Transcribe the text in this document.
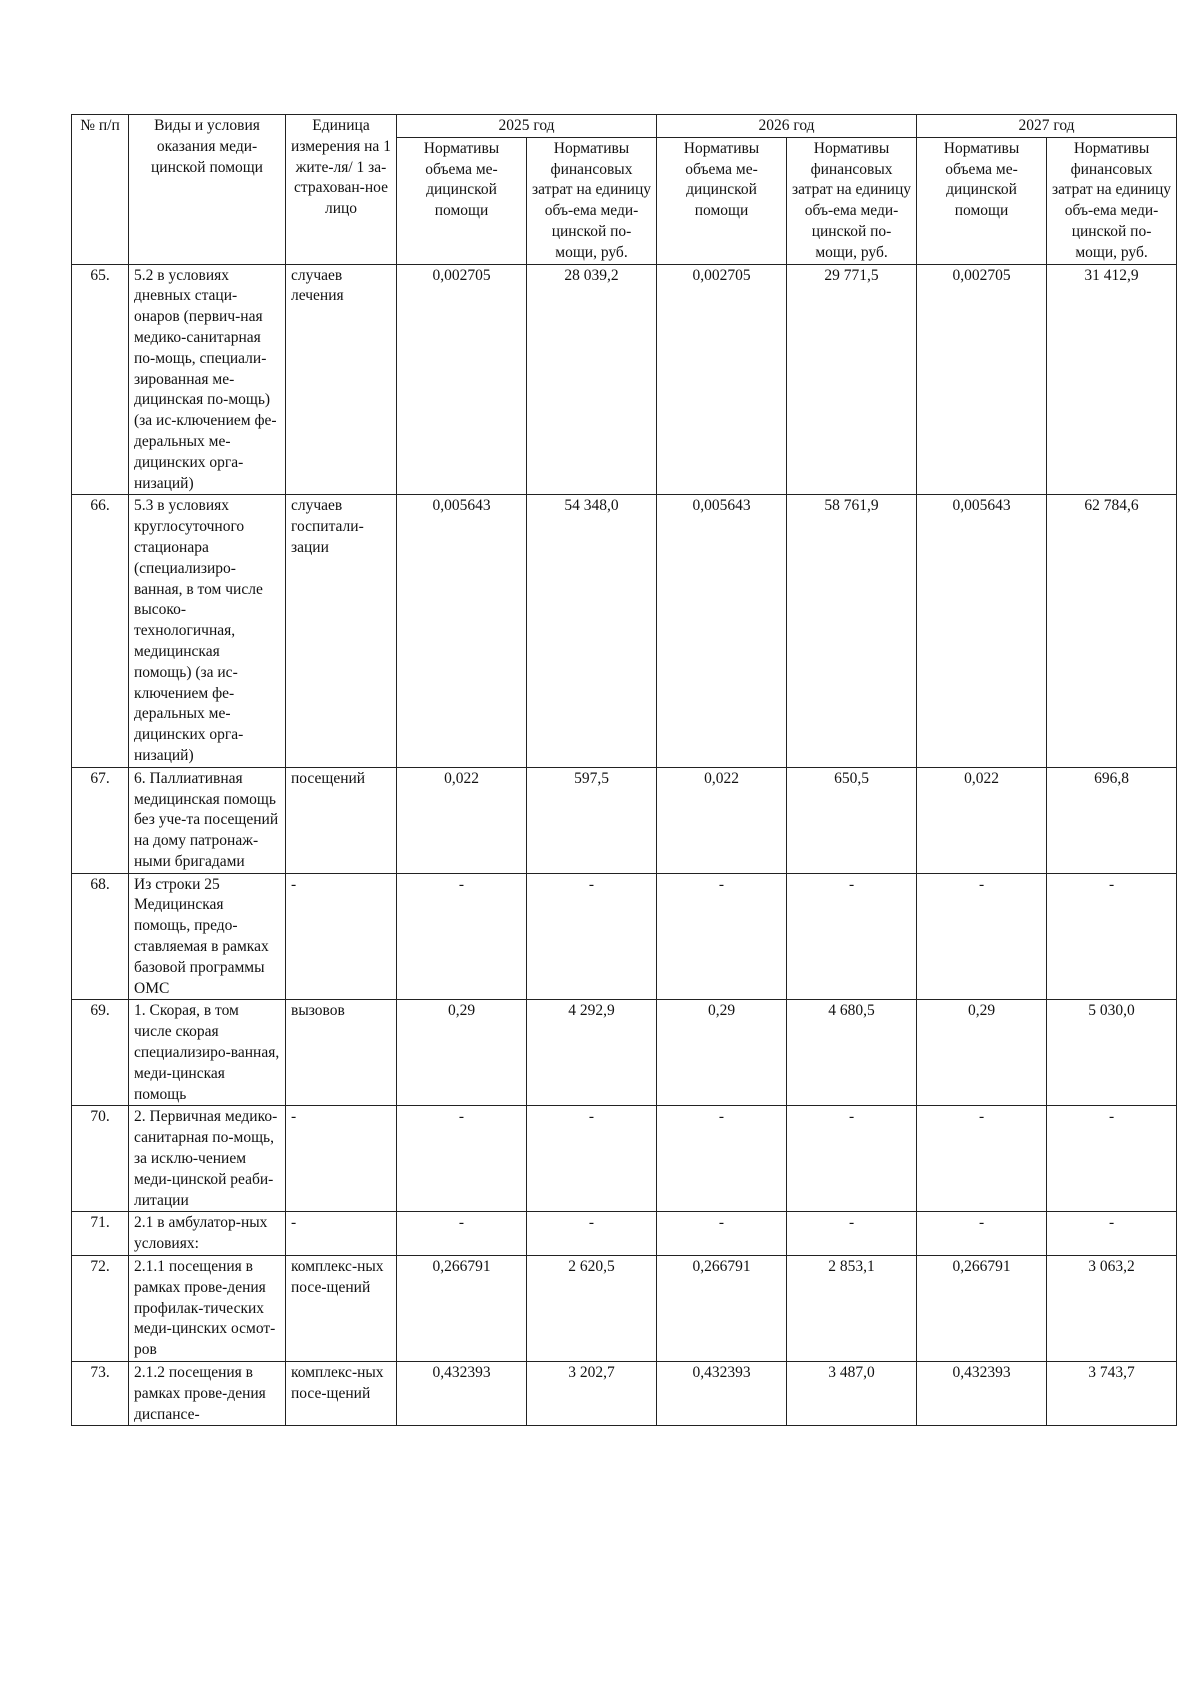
№ п/п	Виды и условия оказания меди-цинской помощи	Единица измерения на 1 жите-ля/ 1 за-страхован-ное лицо	2025 год		2026 год		2027 год	
			Нормативы объема ме-дицинской помощи	Нормативы финансовых затрат на единицу объ-ема меди-цинской по-мощи, руб.	Нормативы объема ме-дицинской помощи	Нормативы финансовых затрат на единицу объ-ема меди-цинской по-мощи, руб.	Нормативы объема ме-дицинской помощи	Нормативы финансовых затрат на единицу объ-ема меди-цинской по-мощи, руб.
65.	5.2 в условиях дневных стаци-онаров (первич-ная медико-санитарная по-мощь, специали-зированная ме-дицинская по-мощь) (за ис-ключением фе-деральных ме-дицинских орга-низаций)	случаев лечения	0,002705	28 039,2	0,002705	29 771,5	0,002705	31 412,9
66.	5.3 в условиях круглосуточного стационара (специализиро-ванная, в том числе высоко-технологичная, медицинская помощь) (за ис-ключением фе-деральных ме-дицинских орга-низаций)	случаев госпитали-зации	0,005643	54 348,0	0,005643	58 761,9	0,005643	62 784,6
67.	6. Паллиативная медицинская помощь без уче-та посещений на дому патронаж-ными бригадами	посещений	0,022	597,5	0,022	650,5	0,022	696,8
68.	Из строки 25 Медицинская помощь, предо-ставляемая в рамках базовой программы ОМС	-	-	-	-	-	-	-
69.	1. Скорая, в том числе скорая специализиро-ванная, меди-цинская помощь	вызовов	0,29	4 292,9	0,29	4 680,5	0,29	5 030,0
70.	2. Первичная медико-санитарная по-мощь, за исклю-чением меди-цинской реаби-литации	-	-	-	-	-	-	-
71.	2.1 в амбулатор-ных условиях:	-	-	-	-	-	-	-
72.	2.1.1 посещения в рамках прове-дения профилак-тических меди-цинских осмот-ров	комплекс-ных посе-щений	0,266791	2 620,5	0,266791	2 853,1	0,266791	3 063,2
73.	2.1.2 посещения в рамках прове-дения диспансе-	комплекс-ных посе-щений	0,432393	3 202,7	0,432393	3 487,0	0,432393	3 743,7
